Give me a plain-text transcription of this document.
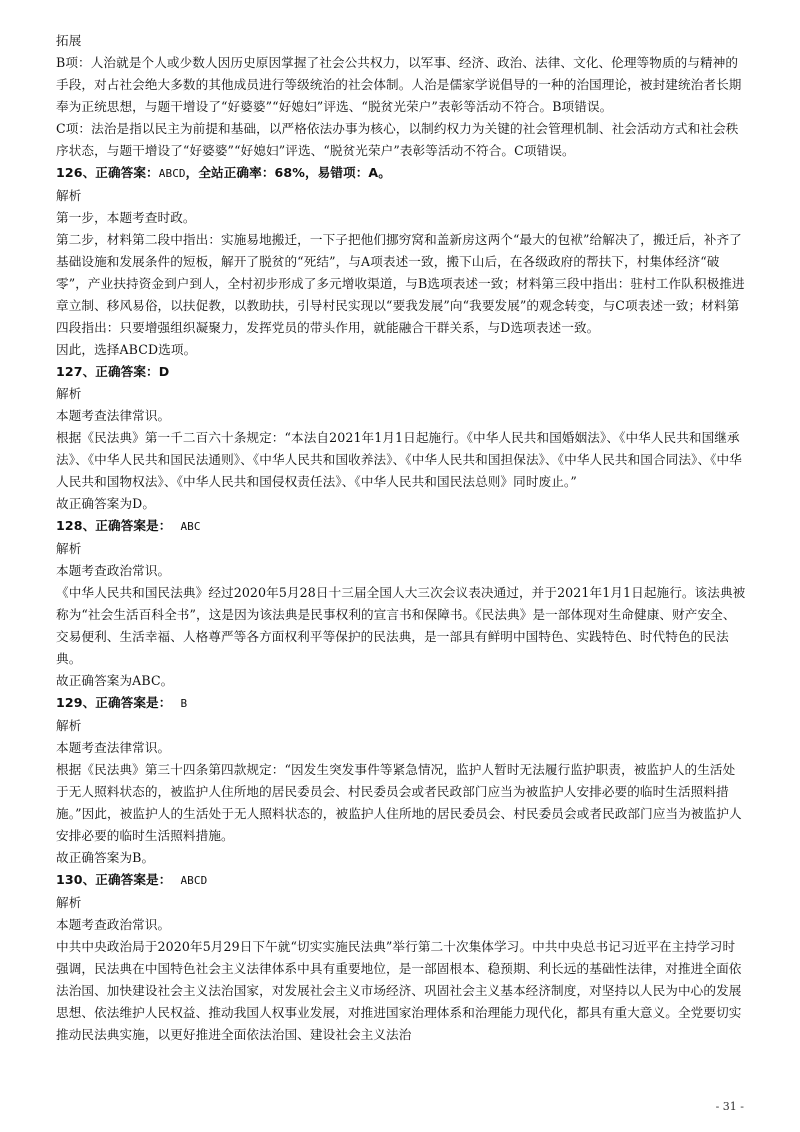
拓展

B项：人治就是个人或少数人因历史原因掌握了社会公共权力，以军事、经济、政治、法律、文化、伦理等物质的与精神的手段，对占社会绝大多数的其他成员进行等级统治的社会体制。人治是儒家学说倡导的一种的治国理论，被封建统治者长期奉为正统思想，与题干增设了“好婆婆”“好媳妇”评选、“脱贫光荣户”表彰等活动不符合。B项错误。

C项：法治是指以民主为前提和基础，以严格依法办事为核心，以制约权力为关键的社会管理机制、社会活动方式和社会秩序状态，与题干增设了“好婆婆”“好媳妇”评选、“脱贫光荣户”表彰等活动不符合。C项错误。

126、正确答案：ABCD，全站正确率：68%，易错项：A。

解析

第一步，本题考查时政。

第二步，材料第二段中指出：实施易地搬迁，一下子把他们挪穷窝和盖新房这两个“最大的包袱”给解决了，搬迁后，补齐了基础设施和发展条件的短板，解开了脱贫的“死结”，与A项表述一致，搬下山后，在各级政府的帮扶下，村集体经济“破零”，产业扶持资金到户到人，全村初步形成了多元增收渠道，与B选项表述一致；材料第三段中指出：驻村工作队积极推进章立制、移风易俗，以扶促教，以教助扶，引导村民实现以“要我发展”向“我要发展”的观念转变，与C项表述一致；材料第四段指出：只要增强组织凝聚力，发挥党员的带头作用，就能融合干群关系，与D选项表述一致。

因此，选择ABCD选项。

127、正确答案：D

解析

本题考查法律常识。

根据《民法典》第一千二百六十条规定：“本法自2021年1月1日起施行。《中华人民共和国婚姻法》、《中华人民共和国继承法》、《中华人民共和国民法通则》、《中华人民共和国收养法》、《中华人民共和国担保法》、《中华人民共和国合同法》、《中华人民共和国物权法》、《中华人民共和国侵权责任法》、《中华人民共和国民法总则》同时废止。”

故正确答案为D。

128、正确答案是： ABC

解析

本题考查政治常识。

《中华人民共和国民法典》经过2020年5月28日十三届全国人大三次会议表决通过，并于2021年1月1日起施行。该法典被称为“社会生活百科全书”，这是因为该法典是民事权利的宣言书和保障书。《民法典》是一部体现对生命健康、财产安全、交易便利、生活幸福、人格尊严等各方面权利平等保护的民法典，是一部具有鲜明中国特色、实践特色、时代特色的民法典。

故正确答案为ABC。

129、正确答案是： B

解析

本题考查法律常识。

根据《民法典》第三十四条第四款规定：“因发生突发事件等紧急情况，监护人暂时无法履行监护职责，被监护人的生活处于无人照料状态的，被监护人住所地的居民委员会、村民委员会或者民政部门应当为被监护人安排必要的临时生活照料措施。”因此，被监护人的生活处于无人照料状态的，被监护人住所地的居民委员会、村民委员会或者民政部门应当为被监护人安排必要的临时生活照料措施。

故正确答案为B。

130、正确答案是： ABCD

解析

本题考查政治常识。

中共中央政治局于2020年5月29日下午就“切实实施民法典”举行第二十次集体学习。中共中央总书记习近平在主持学习时强调，民法典在中国特色社会主义法律体系中具有重要地位，是一部固根本、稳预期、利长远的基础性法律，对推进全面依法治国、加快建设社会主义法治国家，对发展社会主义市场经济、巩固社会主义基本经济制度，对坚持以人民为中心的发展思想、依法维护人民权益、推动我国人权事业发展，对推进国家治理体系和治理能力现代化，都具有重大意义。全党要切实推动民法典实施，以更好推进全面依法治国、建设社会主义法治

- 31 -
